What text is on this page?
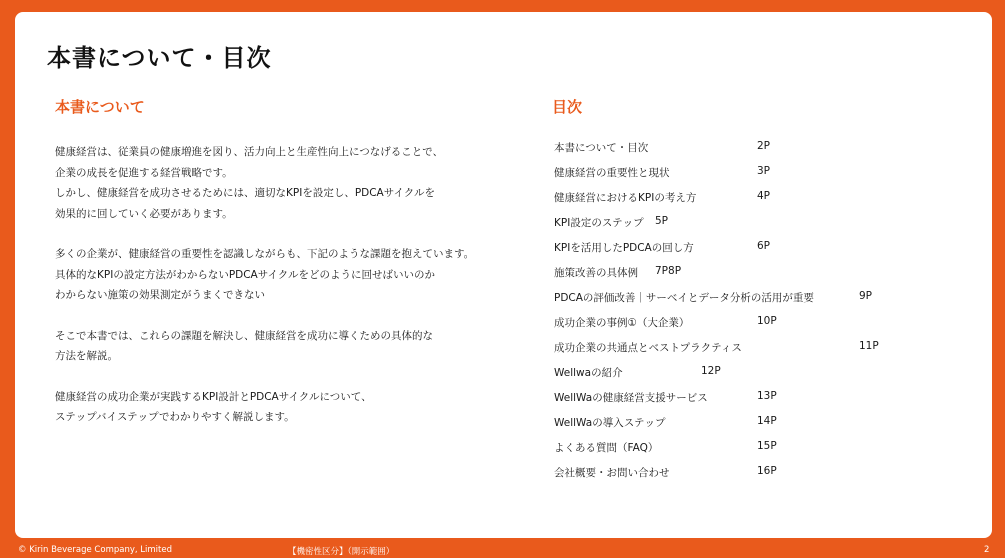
本書について・目次
本書について	目次
健康経営は、従業員の健康増進を図り、活力向上と生産性向上につなげることで、
企業の成長を促進する経営戦略です。
しかし、健康経営を成功させるためには、適切なKPIを設定し、PDCAサイクルを
効果的に回していく必要があります。
多くの企業が、健康経営の重要性を認識しながらも、下記のような課題を抱えています。
具体的なKPIの設定方法がわからないPDCAサイクルをどのように回せばいいのか
わからない施策の効果測定がうまくできない
そこで本書では、これらの課題を解決し、健康経営を成功に導くための具体的な
方法を解説。
健康経営の成功企業が実践するKPI設計とPDCAサイクルについて、
ステップバイステップでわかりやすく解説します。
本書について・目次	2P
健康経営の重要性と現状	3P
健康経営におけるKPIの考え方	4P
KPI設定のステップ 5P
KPIを活用したPDCAの回し方	6P
施策改善の具体例 7P8P
PDCAの評価改善｜サーベイとデータ分析の活用が重要	9P
成功企業の事例①（大企業）	10P
成功企業の共通点とベストプラクティス	11P
Wellwaの紹介	12P
WellWaの健康経営支援サービス	13P
WellWaの導入ステップ	14P
よくある質問（FAQ）	15P
会社概要・お問い合わせ	16P
© Kirin Beverage Company, Limited	【機密性区分】（開示範囲）	2
